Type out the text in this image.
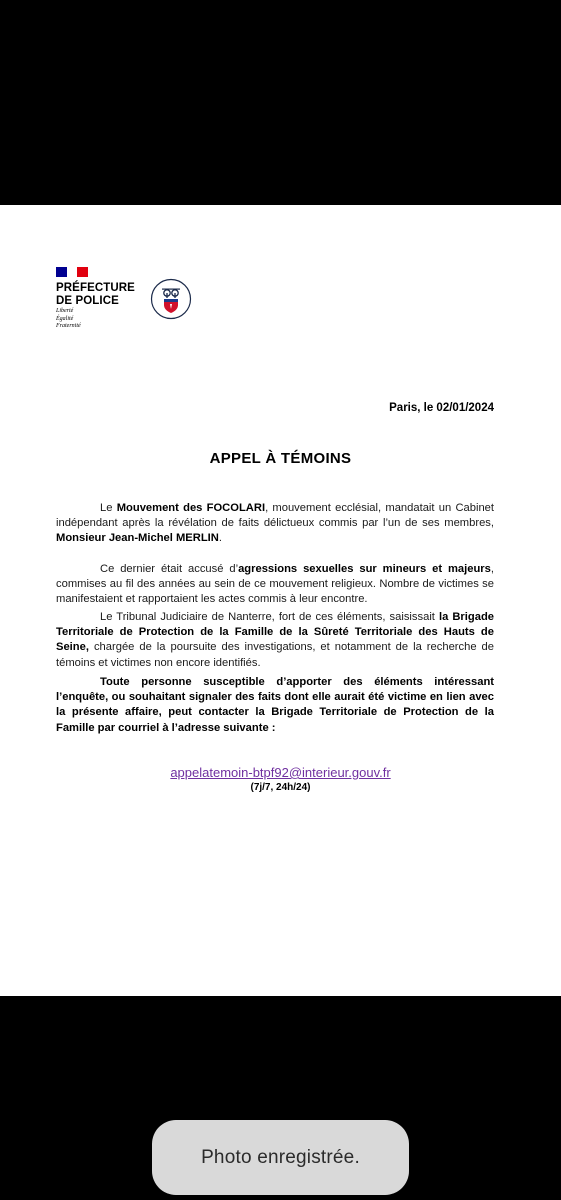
PRÉFECTURE
DE POLICE
Liberté
Égalité
Fraternité
Paris, le 02/01/2024
APPEL À TÉMOINS

Le Mouvement des FOCOLARI, mouvement ecclésial, mandatait un Cabinet indépendant après la révélation de faits délictueux commis par l’un de ses membres, Monsieur Jean-Michel MERLIN.

Ce dernier était accusé d’agressions sexuelles sur mineurs et majeurs, commises au fil des années au sein de ce mouvement religieux. Nombre de victimes se manifestaient et rapportaient les actes commis à leur encontre.

Le Tribunal Judiciaire de Nanterre, fort de ces éléments, saisissait la Brigade Territoriale de Protection de la Famille de la Sûreté Territoriale des Hauts de Seine, chargée de la poursuite des investigations, et notamment de la recherche de témoins et victimes non encore identifiés.

Toute personne susceptible d’apporter des éléments intéressant l’enquête, ou souhaitant signaler des faits dont elle aurait été victime en lien avec la présente affaire, peut contacter la Brigade Territoriale de Protection de la Famille par courriel à l’adresse suivante :

appelatemoin-btpf92@interieur.gouv.fr
(7j/7, 24h/24)
Photo enregistrée.
